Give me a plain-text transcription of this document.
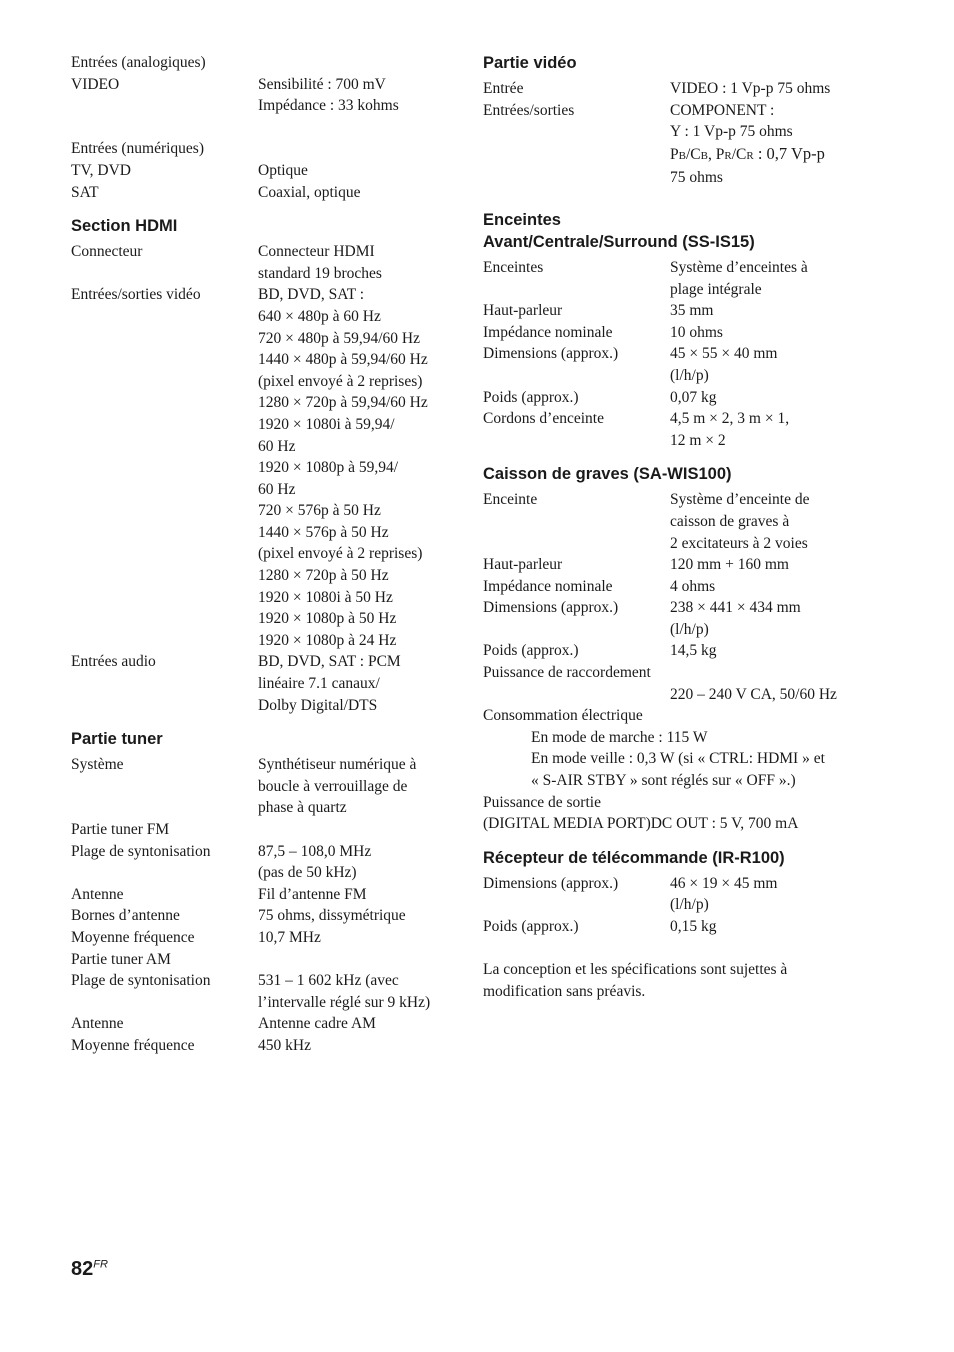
Entrées (analogiques)
VIDEO	Sensibilité : 700 mV
Impédance : 33 kohms
Entrées (numériques)
TV, DVD	Optique
SAT	Coaxial, optique
Section HDMI
Connecteur	Connecteur HDMI
standard 19 broches
Entrées/sorties vidéo	BD, DVD, SAT :
640 × 480p à 60 Hz
720 × 480p à 59,94/60 Hz
1440 × 480p à 59,94/60 Hz
(pixel envoyé à 2 reprises)
1280 × 720p à 59,94/60 Hz
1920 × 1080i à 59,94/
60 Hz
1920 × 1080p à 59,94/
60 Hz
720 × 576p à 50 Hz
1440 × 576p à 50 Hz
(pixel envoyé à 2 reprises)
1280 × 720p à 50 Hz
1920 × 1080i à 50 Hz
1920 × 1080p à 50 Hz
1920 × 1080p à 24 Hz
Entrées audio	BD, DVD, SAT : PCM
linéaire 7.1 canaux/
Dolby Digital/DTS
Partie tuner
Système	Synthétiseur numérique à
boucle à verrouillage de
phase à quartz
Partie tuner FM
Plage de syntonisation	87,5 – 108,0 MHz
(pas de 50 kHz)
Antenne	Fil d’antenne FM
Bornes d’antenne	75 ohms, dissymétrique
Moyenne fréquence	10,7 MHz
Partie tuner AM
Plage de syntonisation	531 – 1 602 kHz (avec
l’intervalle réglé sur 9 kHz)
Antenne	Antenne cadre AM
Moyenne fréquence	450 kHz
Partie vidéo
Entrée	VIDEO : 1 Vp-p 75 ohms
Entrées/sorties	COMPONENT :
Y : 1 Vp-p 75 ohms
PB/CB, PR/CR : 0,7 Vp-p
75 ohms
Enceintes
Avant/Centrale/Surround (SS-IS15)
Enceintes	Système d’enceintes à
plage intégrale
Haut-parleur	35 mm
Impédance nominale	10 ohms
Dimensions (approx.)	45 × 55 × 40 mm
(l/h/p)
Poids (approx.)	0,07 kg
Cordons d’enceinte	4,5 m × 2, 3 m × 1,
12 m × 2
Caisson de graves (SA-WIS100)
Enceinte	Système d’enceinte de
caisson de graves à
2 excitateurs à 2 voies
Haut-parleur	120 mm + 160 mm
Impédance nominale	4 ohms
Dimensions (approx.)	238 × 441 × 434 mm
(l/h/p)
Poids (approx.)	14,5 kg
Puissance de raccordement
220 – 240 V CA, 50/60 Hz
Consommation électrique
En mode de marche : 115 W
En mode veille : 0,3 W (si « CTRL: HDMI » et
« S-AIR STBY » sont réglés sur « OFF ».)
Puissance de sortie
(DIGITAL MEDIA PORT)DC OUT : 5 V, 700 mA
Récepteur de télécommande (IR-R100)
Dimensions (approx.)	46 × 19 × 45 mm
(l/h/p)
Poids (approx.)	0,15 kg
La conception et les spécifications sont sujettes à
modification sans préavis.
$82^{FR}$
